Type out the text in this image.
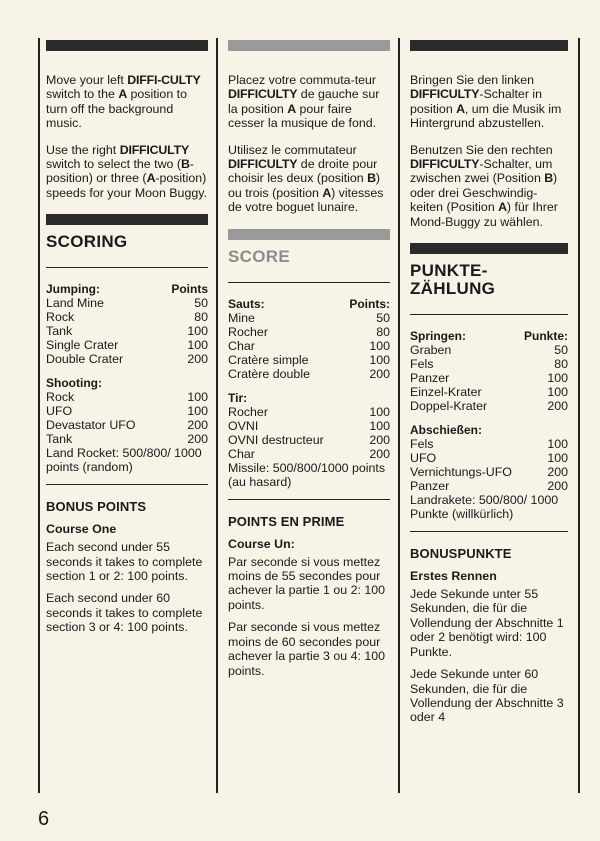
Move your left DIFFI-CULTY switch to the A position to turn off the background music.

Use the right DIFFICULTY switch to select the two (B-position) or three (A-position) speeds for your Moon Buggy.

SCORING
Jumping:	Points
Land Mine	50
Rock	80
Tank	100
Single Crater	100
Double Crater	200
Shooting:
Rock	100
UFO	100
Devastator UFO	200
Tank	200

Land Rocket: 500/800/ 1000 points (random)

BONUS POINTS
Course One

Each second under 55 seconds it takes to complete section 1 or 2: 100 points.

Each second under 60 seconds it takes to complete section 3 or 4: 100 points.

Placez votre commuta-teur DIFFICULTY de gauche sur la position A pour faire cesser la musique de fond.

Utilisez le commutateur DIFFICULTY de droite pour choisir les deux (position B) ou trois (position A) vitesses de votre boguet lunaire.

SCORE
Sauts:	Points:
Mine	50
Rocher	80
Char	100
Cratère simple	100
Cratère double	200
Tir:
Rocher	100
OVNI	100
OVNI destructeur	200
Char	200

Missile: 500/800/1000 points (au hasard)

POINTS EN PRIME
Course Un:

Par seconde si vous mettez moins de 55 secondes pour achever la partie 1 ou 2: 100 points.

Par seconde si vous mettez moins de 60 secondes pour achever la partie 3 ou 4: 100 points.

Bringen Sie den linken DIFFICULTY-Schalter in position A, um die Musik im Hintergrund abzustellen.

Benutzen Sie den rechten DIFFICULTY-Schalter, um zwischen zwei (Position B) oder drei Geschwindig-keiten (Position A) für Ihrer Mond-Buggy zu wählen.

PUNKTE-ZÄHLUNG
Springen:	Punkte:
Graben	50
Fels	80
Panzer	100
Einzel-Krater	100
Doppel-Krater	200
Abschießen:
Fels	100
UFO	100
Vernichtungs-UFO	200
Panzer	200

Landrakete: 500/800/ 1000 Punkte (willkürlich)

BONUSPUNKTE
Erstes Rennen

Jede Sekunde unter 55 Sekunden, die für die Vollendung der Abschnitte 1 oder 2 benötigt wird: 100 Punkte.

Jede Sekunde unter 60 Sekunden, die für die Vollendung der Abschnitte 3 oder 4

6
